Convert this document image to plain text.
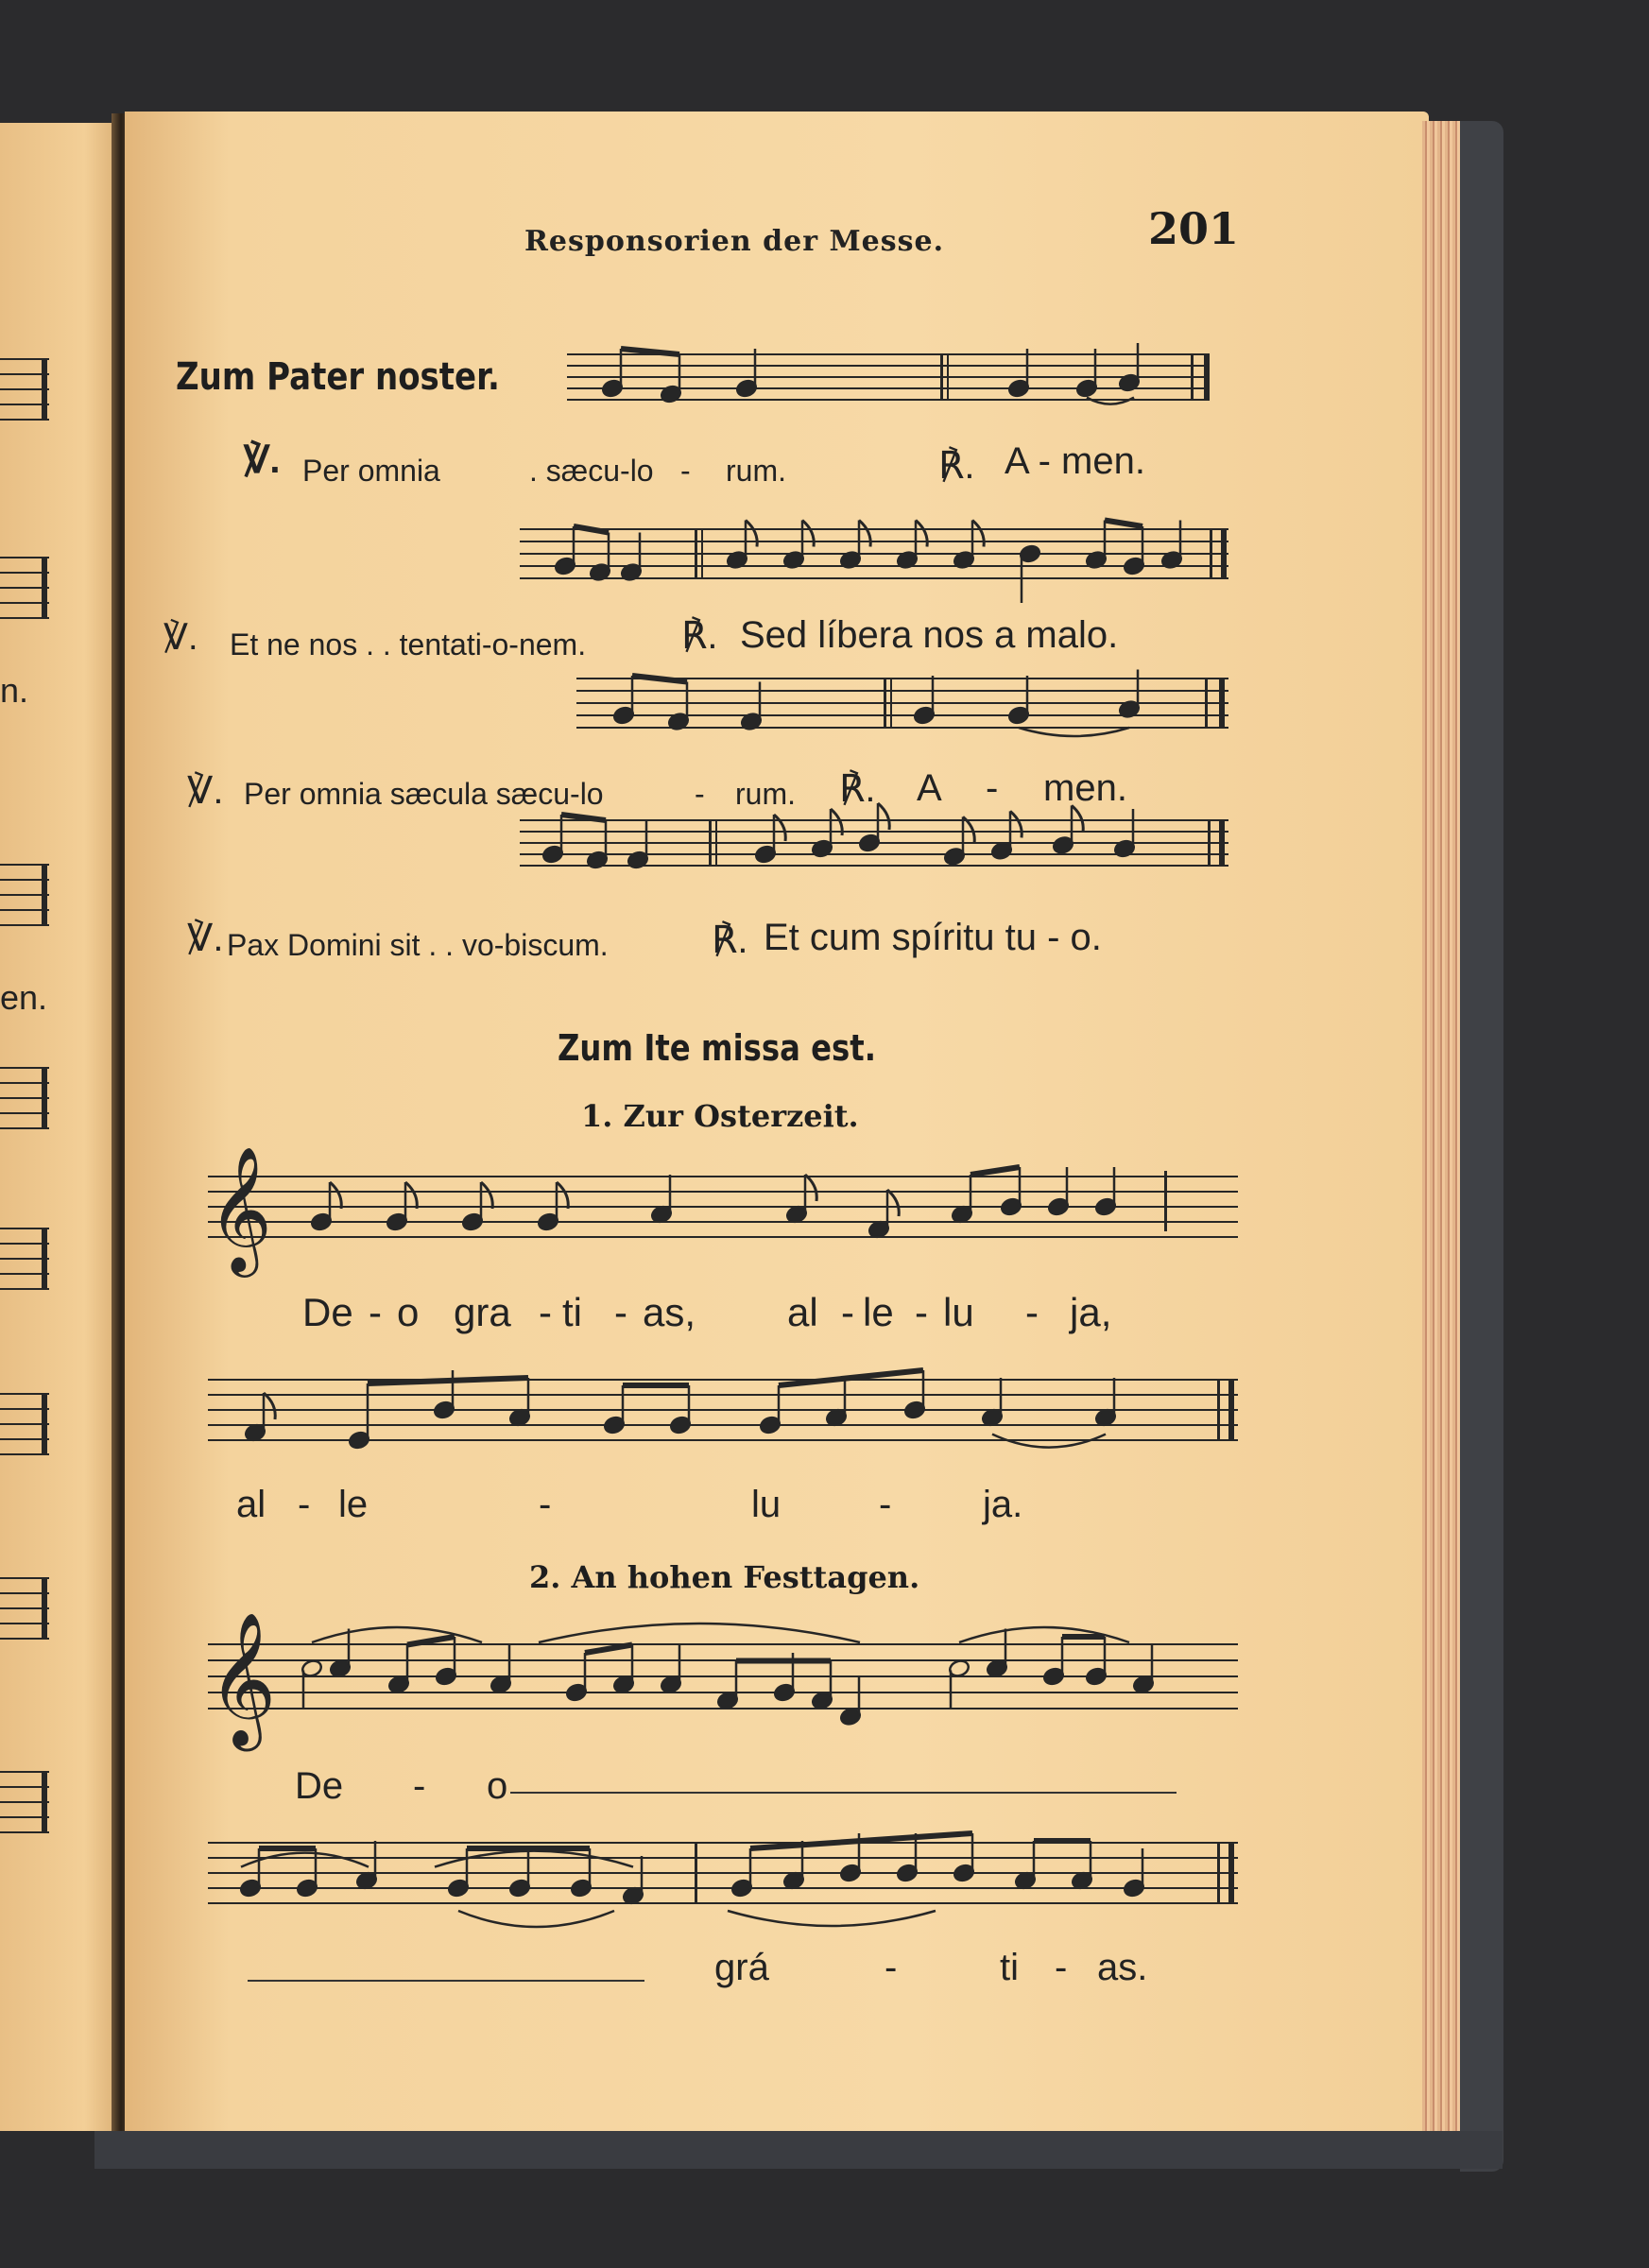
n.
en.
Responsorien der Messe.	201
Zum Pater noster.
℣. Per omnia	. sæcu-lo - rum.	℟. A - men.
℣. Et ne nos . . tentati-o-nem.	℟. Sed líbera nos a malo.
℣. Per omnia sæcula sæcu-lo	- rum. ℟. A - men.
℣. Pax Domini sit . . vo-biscum.	℟. Et cum spíritu tu - o.
Zum Ite missa est.
1. Zur Osterzeit.
𝄞
De - o gra - ti - as, al - le - lu - ja,
al - le	-	lu	- ja.
2. An hohen Festtagen.
𝄞
De - o
grá	-	ti - as.
